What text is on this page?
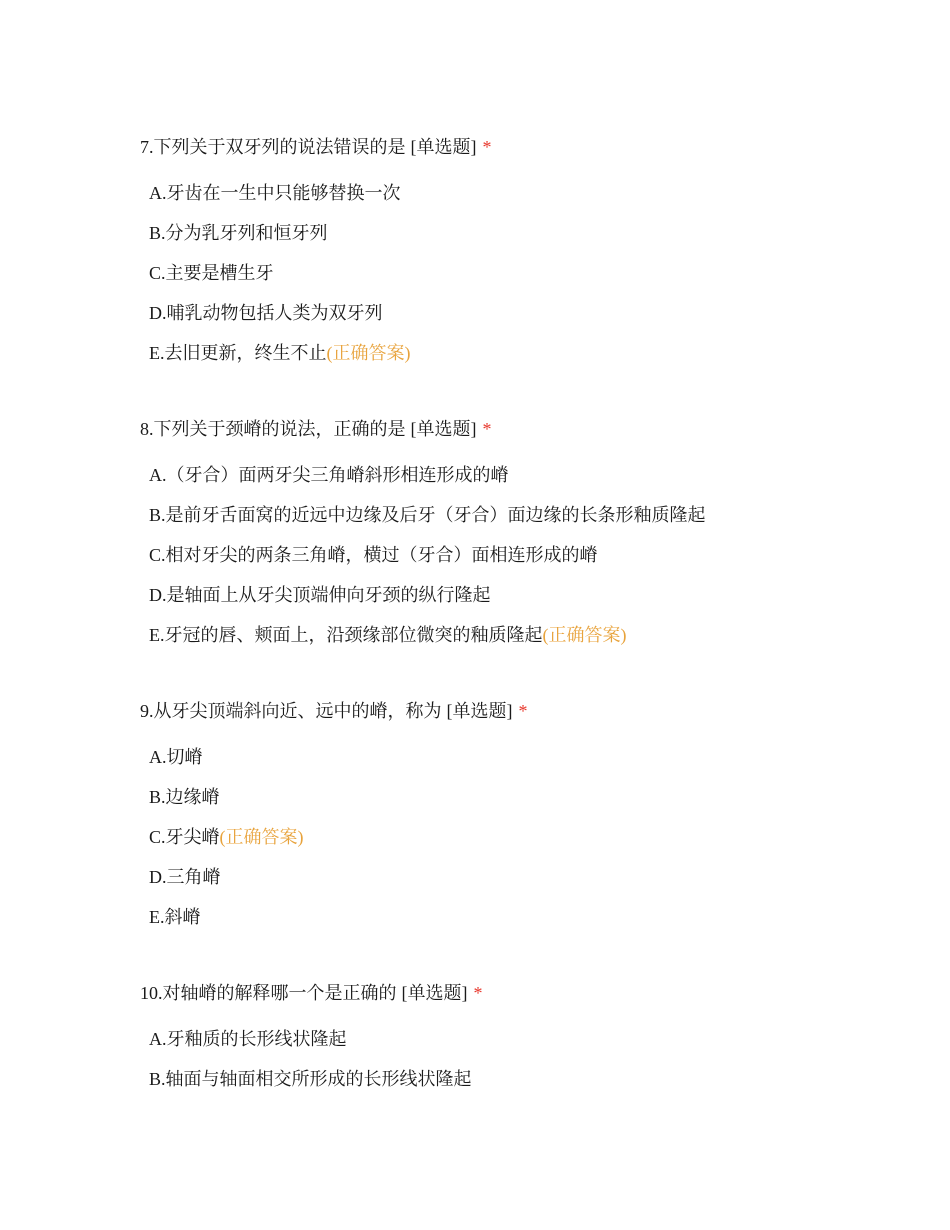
7.下列关于双牙列的说法错误的是 [单选题] *
A.牙齿在一生中只能够替换一次
B.分为乳牙列和恒牙列
C.主要是槽生牙
D.哺乳动物包括人类为双牙列
E.去旧更新，终生不止(正确答案)
8.下列关于颈嵴的说法，正确的是 [单选题] *
A.（牙合）面两牙尖三角嵴斜形相连形成的嵴
B.是前牙舌面窝的近远中边缘及后牙（牙合）面边缘的长条形釉质隆起
C.相对牙尖的两条三角嵴，横过（牙合）面相连形成的嵴
D.是轴面上从牙尖顶端伸向牙颈的纵行隆起
E.牙冠的唇、颊面上，沿颈缘部位微突的釉质隆起(正确答案)
9.从牙尖顶端斜向近、远中的嵴，称为 [单选题] *
A.切嵴
B.边缘嵴
C.牙尖嵴(正确答案)
D.三角嵴
E.斜嵴
10.对轴嵴的解释哪一个是正确的 [单选题] *
A.牙釉质的长形线状隆起
B.轴面与轴面相交所形成的长形线状隆起
